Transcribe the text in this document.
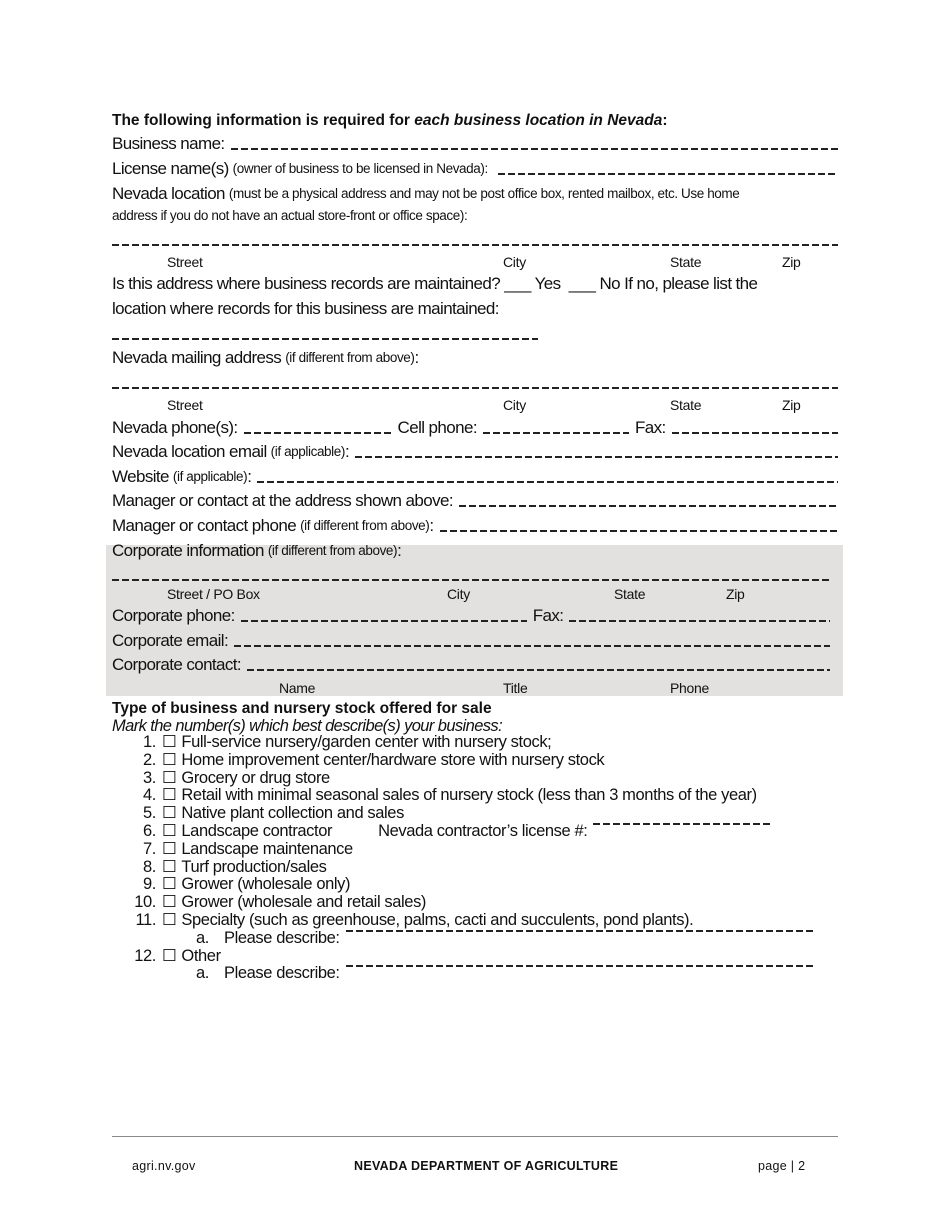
The following information is required for each business location in Nevada :
Business name:
License name(s) (owner of business to be licensed in Nevada):
Nevada location (must be a physical address and may not be post office box, rented mailbox, etc. Use home
address if you do not have an actual store-front or office space):
Street	City	State	Zip
Is this address where business records are maintained? ___ Yes  ___ No If no, please list the
location where records for this business are maintained:
Nevada mailing address (if different from above) :
Street	City	State	Zip
Nevada phone(s):	Cell phone:	Fax:
Nevada location email (if applicable) :
Website (if applicable) :
Manager or contact at the address shown above:
Manager or contact phone (if different from above) :
Corporate information (if different from above) :
Street / PO Box	City	State	Zip
Corporate phone:	Fax:
Corporate email:
Corporate contact:
Name	Title	Phone
Type of business and nursery stock offered for sale
Mark the number(s) which best describe(s) your business:
1. ☐ Full-service nursery/garden center with nursery stock;
2. ☐ Home improvement center/hardware store with nursery stock
3. ☐ Grocery or drug store
4. ☐ Retail with minimal seasonal sales of nursery stock (less than 3 months of the year)
5. ☐ Native plant collection and sales
6. ☐ Landscape contractor	Nevada contractor’s license #:
7. ☐ Landscape maintenance
8. ☐ Turf production/sales
9. ☐ Grower (wholesale only)
10. ☐ Grower (wholesale and retail sales)
11. ☐ Specialty (such as greenhouse, palms, cacti and succulents, pond plants).
a. Please describe:
12. ☐ Other
a. Please describe:
agri.nv.gov	NEVADA DEPARTMENT OF AGRICULTURE	page | 2
